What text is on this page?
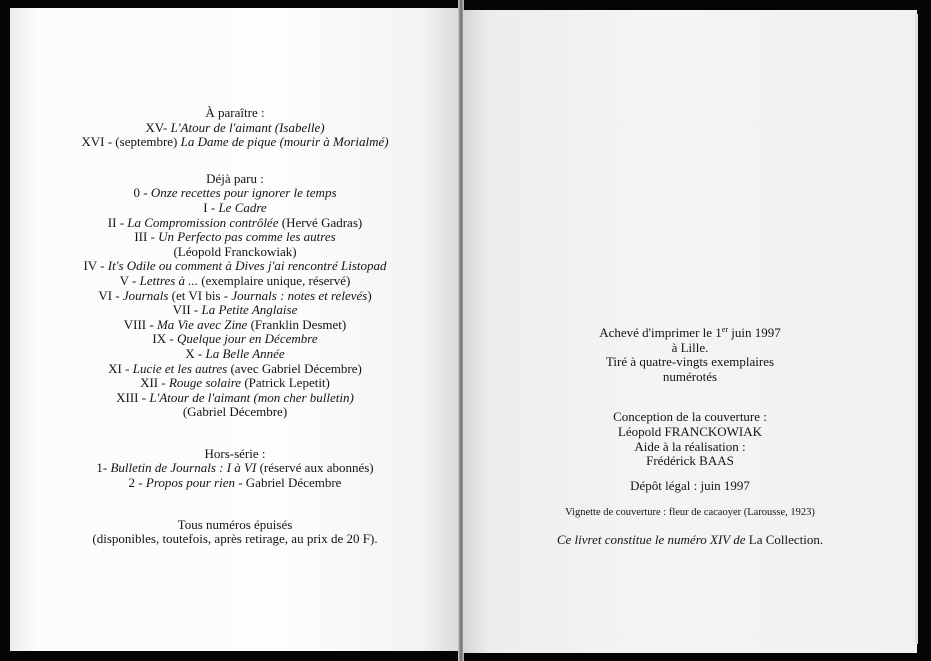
À paraître :
XV- L'Atour de l'aimant (Isabelle)
XVI - (septembre) La Dame de pique (mourir à Morialmé)
Déjà paru :
0 - Onze recettes pour ignorer le temps
I - Le Cadre
II - La Compromission contrôlée (Hervé Gadras)
III - Un Perfecto pas comme les autres
(Léopold Franckowiak)
IV - It's Odile ou comment à Dives j'ai rencontré Listopad
V - Lettres à ... (exemplaire unique, réservé)
VI - Journals (et VI bis - Journals : notes et relevés)
VII - La Petite Anglaise
VIII - Ma Vie avec Zine (Franklin Desmet)
IX - Quelque jour en Décembre
X - La Belle Année
XI - Lucie et les autres (avec Gabriel Décembre)
XII - Rouge solaire (Patrick Lepetit)
XIII - L'Atour de l'aimant (mon cher bulletin)
(Gabriel Décembre)
Hors-série :
1- Bulletin de Journals : I à VI (réservé aux abonnés)
2 - Propos pour rien - Gabriel Décembre
Tous numéros épuisés
(disponibles, toutefois, après retirage, au prix de 20 F).
Achevé d'imprimer le 1er juin 1997
à Lille.
Tiré à quatre-vingts exemplaires
numérotés
Conception de la couverture :
Léopold FRANCKOWIAK
Aide à la réalisation :
Frédérick BAAS
Dépôt légal : juin 1997
Vignette de couverture : fleur de cacaoyer (Larousse, 1923)
Ce livret constitue le numéro XIV de La Collection.
